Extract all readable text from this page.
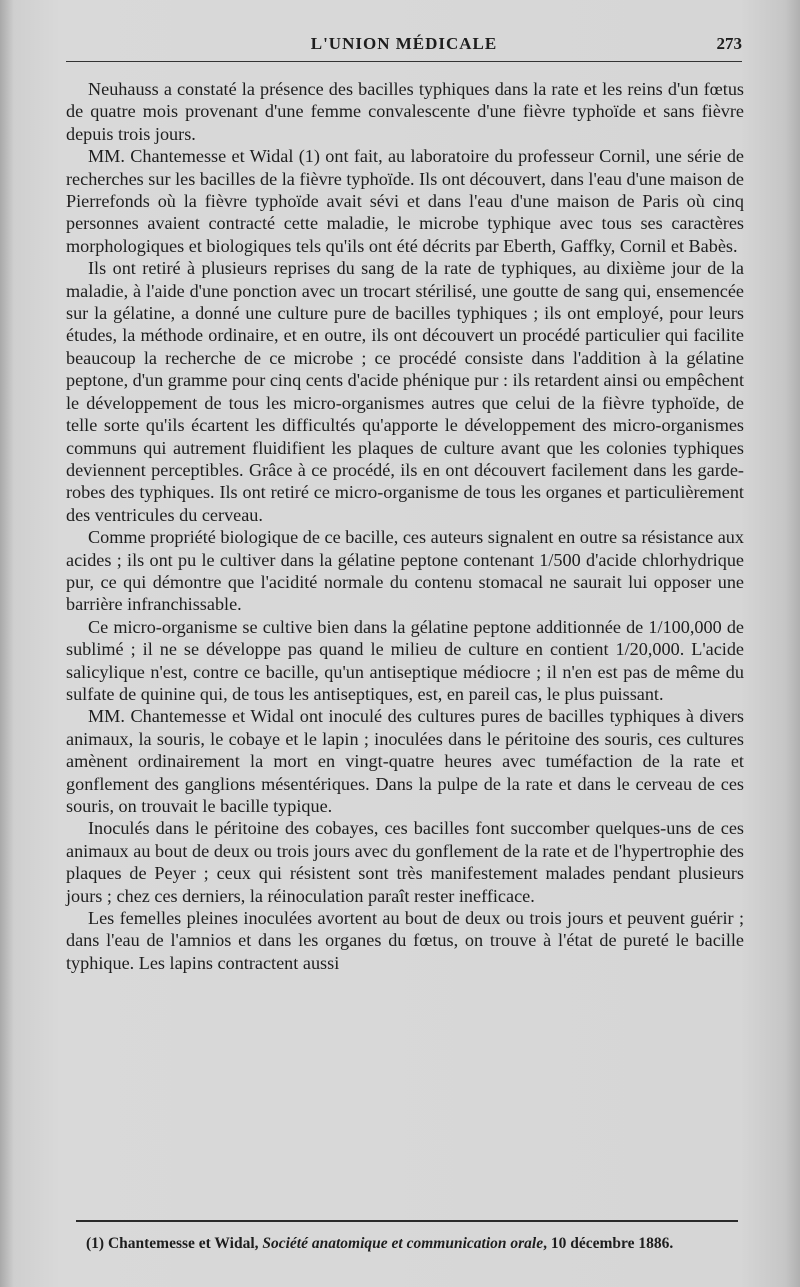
L'UNION MÉDICALE	273

Neuhauss a constaté la présence des bacilles typhiques dans la rate et les reins d'un fœtus de quatre mois provenant d'une femme convalescente d'une fièvre typhoïde et sans fièvre depuis trois jours.

MM. Chantemesse et Widal (1) ont fait, au laboratoire du professeur Cornil, une série de recherches sur les bacilles de la fièvre typhoïde. Ils ont découvert, dans l'eau d'une maison de Pierrefonds où la fièvre typhoïde avait sévi et dans l'eau d'une maison de Paris où cinq personnes avaient contracté cette maladie, le microbe typhique avec tous ses caractères morphologiques et biologiques tels qu'ils ont été décrits par Eberth, Gaffky, Cornil et Babès.

Ils ont retiré à plusieurs reprises du sang de la rate de typhiques, au dixième jour de la maladie, à l'aide d'une ponction avec un trocart stérilisé, une goutte de sang qui, ensemencée sur la gélatine, a donné une culture pure de bacilles typhiques ; ils ont employé, pour leurs études, la méthode ordinaire, et en outre, ils ont découvert un procédé particulier qui facilite beaucoup la recherche de ce microbe ; ce procédé consiste dans l'addition à la gélatine peptone, d'un gramme pour cinq cents d'acide phénique pur : ils retardent ainsi ou empêchent le développement de tous les micro-organismes autres que celui de la fièvre typhoïde, de telle sorte qu'ils écartent les difficultés qu'apporte le développement des micro-organismes communs qui autrement fluidifient les plaques de culture avant que les colonies typhiques deviennent perceptibles. Grâce à ce procédé, ils en ont découvert facilement dans les garde-robes des typhiques. Ils ont retiré ce micro-organisme de tous les organes et particulièrement des ventricules du cerveau.

Comme propriété biologique de ce bacille, ces auteurs signalent en outre sa résistance aux acides ; ils ont pu le cultiver dans la gélatine peptone contenant 1/500 d'acide chlorhydrique pur, ce qui démontre que l'acidité normale du contenu stomacal ne saurait lui opposer une barrière infranchissable.

Ce micro-organisme se cultive bien dans la gélatine peptone additionnée de 1/100,000 de sublimé ; il ne se développe pas quand le milieu de culture en contient 1/20,000. L'acide salicylique n'est, contre ce bacille, qu'un antiseptique médiocre ; il n'en est pas de même du sulfate de quinine qui, de tous les antiseptiques, est, en pareil cas, le plus puissant.

MM. Chantemesse et Widal ont inoculé des cultures pures de bacilles typhiques à divers animaux, la souris, le cobaye et le lapin ; inoculées dans le péritoine des souris, ces cultures amènent ordinairement la mort en vingt-quatre heures avec tuméfaction de la rate et gonflement des ganglions mésentériques. Dans la pulpe de la rate et dans le cerveau de ces souris, on trouvait le bacille typique.

Inoculés dans le péritoine des cobayes, ces bacilles font succomber quelques-uns de ces animaux au bout de deux ou trois jours avec du gonflement de la rate et de l'hypertrophie des plaques de Peyer ; ceux qui résistent sont très manifestement malades pendant plusieurs jours ; chez ces derniers, la réinoculation paraît rester inefficace.

Les femelles pleines inoculées avortent au bout de deux ou trois jours et peuvent guérir ; dans l'eau de l'amnios et dans les organes du fœtus, on trouve à l'état de pureté le bacille typhique. Les lapins contractent aussi

(1) Chantemesse et Widal, Société anatomique et communication orale, 10 décembre 1886.
